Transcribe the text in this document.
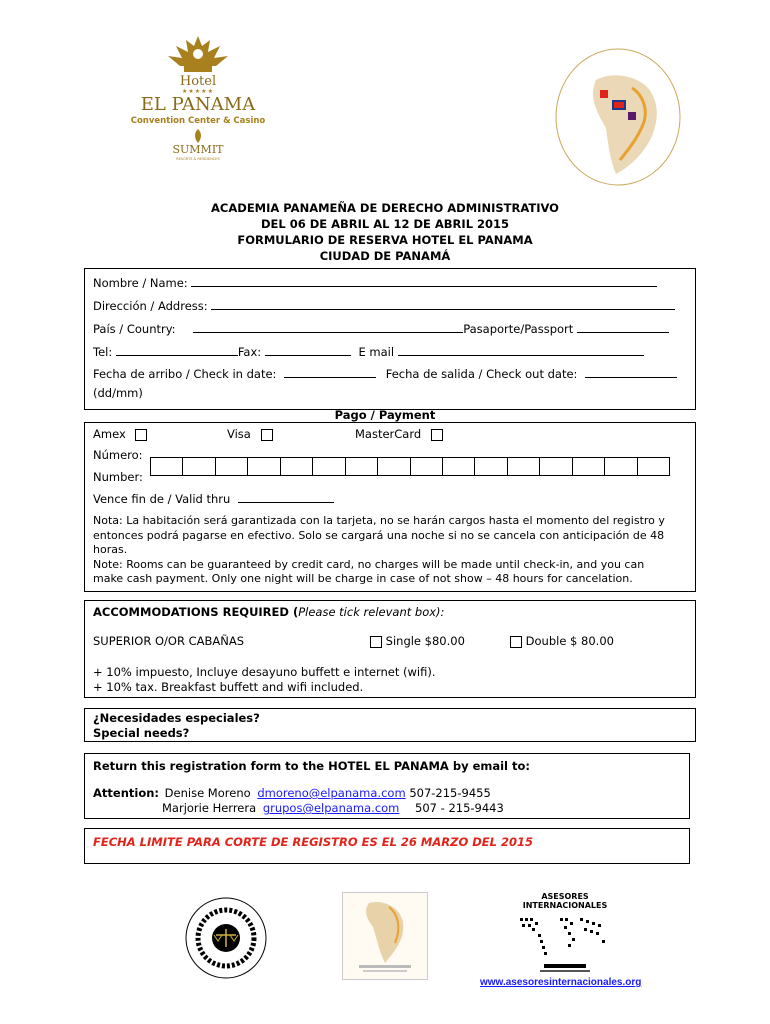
Hotel
★★★★★
EL PANAMA
Convention Center & Casino
SUMMIT
RESORTS & RESIDENCES
ACADEMIA PANAMEÑA DE DERECHO ADMINISTRATIVO
DEL 06 DE ABRIL AL 12 DE ABRIL 2015
FORMULARIO DE RESERVA HOTEL EL PANAMA
CIUDAD DE PANAMÁ
Nombre / Name:
Dirección / Address:
País / Country:	Pasaporte/Passport
Tel:	Fax:	E mail
Fecha de arribo / Check in date:	Fecha de salida / Check out date:
(dd/mm)
Pago / Payment
Amex	Visa	MasterCard
Número:
Number:
Vence fin de / Valid thru
Nota: La habitación será garantizada con la tarjeta, no se harán cargos hasta el momento del registro y
entonces podrá pagarse en efectivo. Solo se cargará una noche si no se cancela con anticipación de 48
horas.
Note: Rooms can be guaranteed by credit card, no charges will be made until check-in, and you can
make cash payment. Only one night will be charge in case of not show – 48 hours for cancelation.
ACCOMMODATIONS REQUIRED (Please tick relevant box):
SUPERIOR O/OR CABAÑAS	Single $80.00	Double $ 80.00
+ 10% impuesto, Incluye desayuno buffett e internet (wifi).
+ 10% tax. Breakfast buffett and wifi included.
¿Necesidades especiales?
Special needs?
Return this registration form to the HOTEL EL PANAMA by email to:
Attention: Denise Moreno dmoreno@elpanama.com 507-215-9455
Marjorie Herrera grupos@elpanama.com 507 - 215-9443
FECHA LIMITE PARA CORTE DE REGISTRO ES EL 26 MARZO DEL 2015
ASESORES
INTERNACIONALES
www.asesoresinternacionales.org
